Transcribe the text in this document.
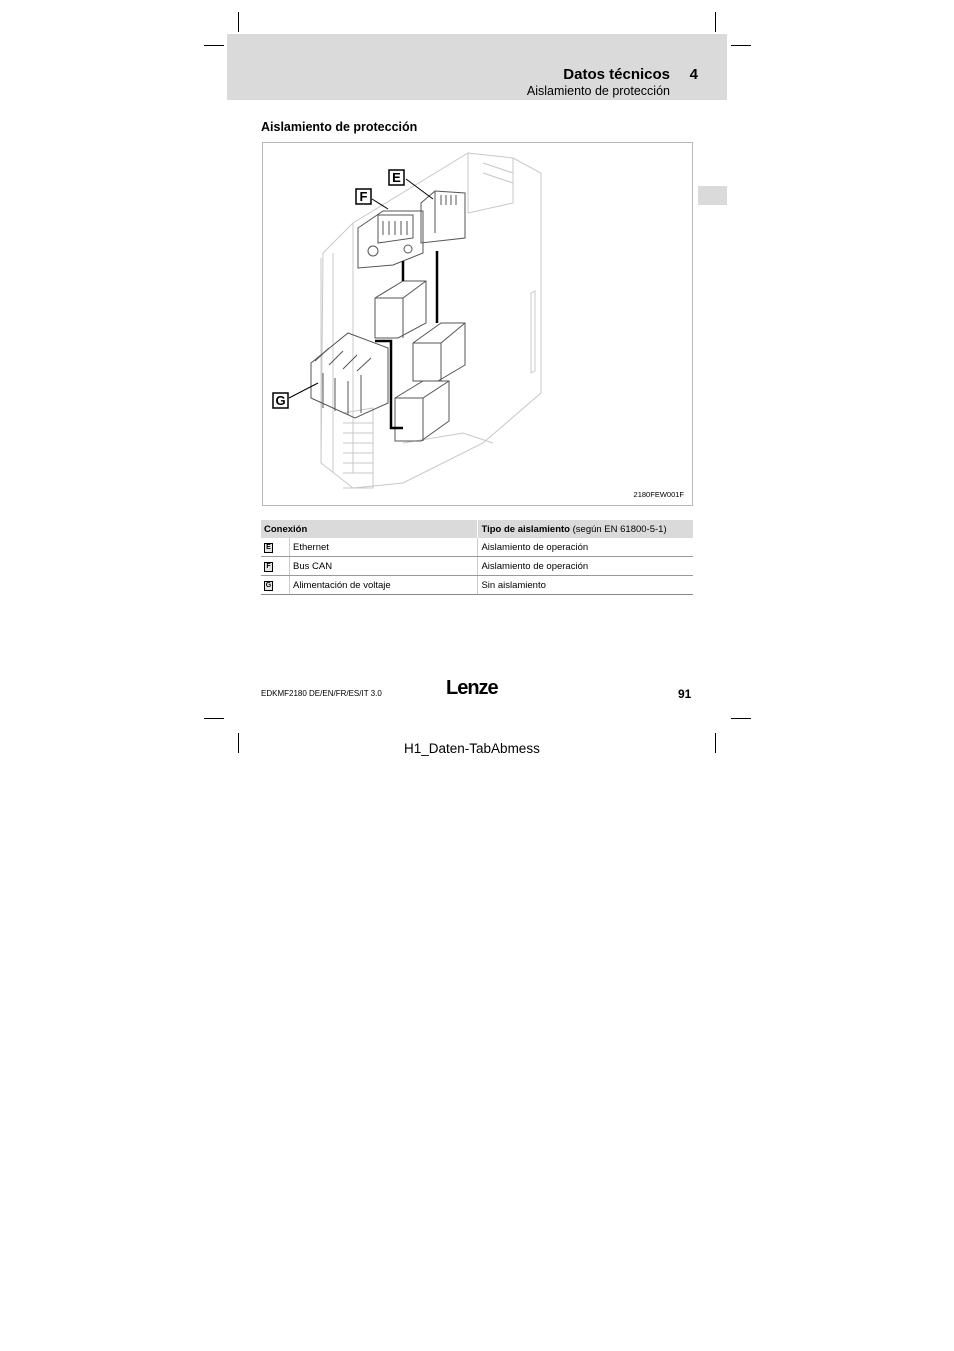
Datos técnicos 4
Aislamiento de protección
Aislamiento de protección
E
F
G
2180FEW001F
Conexión		Tipo de aislamiento (según EN 61800-5-1)
E	Ethernet	Aislamiento de operación
F	Bus CAN	Aislamiento de operación
G	Alimentación de voltaje	Sin aislamiento
EDKMF2180 DE/EN/FR/ES/IT 3.0	Lenze	91
H1_Daten-TabAbmess
